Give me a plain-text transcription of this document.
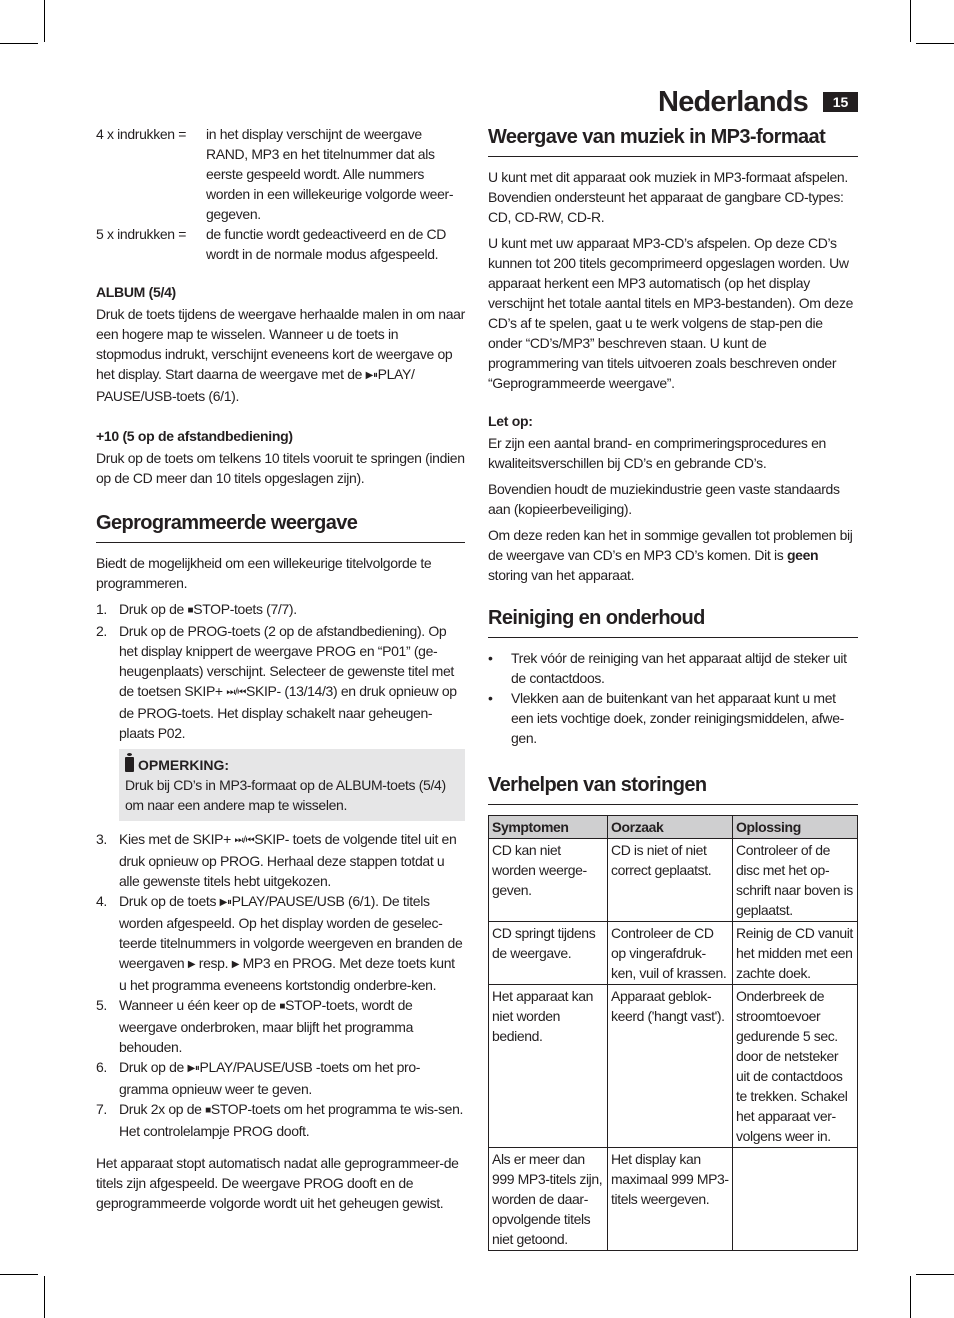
Nederlands	15
4 x indrukken =	in het display verschijnt de weergave RAND, MP3 en het titelnummer dat als eerste gespeeld wordt. Alle nummers worden in een willekeurige volgorde weer-gegeven.
5 x indrukken =	de functie wordt gedeactiveerd en de CD wordt in de normale modus afgespeeld.
ALBUM (5/4)

Druk de toets tijdens de weergave herhaalde malen in om naar een hogere map te wisselen. Wanneer u de toets in stopmodus indrukt, verschijnt eveneens kort de weergave op het display. Start daarna de weergave met de ▶⏸PLAY/ PAUSE/USB-toets (6/1).

+10 (5 op de afstandbediening)

Druk op de toets om telkens 10 titels vooruit te springen (indien op de CD meer dan 10 titels opgeslagen zijn).

Geprogrammeerde weergave

Biedt de mogelijkheid om een willekeurige titelvolgorde te programmeren.

1. Druk op de ■STOP-toets (7/7).
2. Druk op de PROG-toets (2 op de afstandbediening). Op het display knippert de weergave PROG en “P01” (ge-heugenplaats) verschijnt. Selecteer de gewenste titel met de toetsen SKIP+ ⏭/⏮SKIP- (13/14/3) en druk opnieuw op de PROG-toets. Het display schakelt naar geheugen-plaats P02.
OPMERKING:
Druk bij CD’s in MP3-formaat op de ALBUM-toets (5/4) om naar een andere map te wisselen.
3. Kies met de SKIP+ ⏭/⏮SKIP- toets de volgende titel uit en druk opnieuw op PROG. Herhaal deze stappen totdat u alle gewenste titels hebt uitgekozen.
4. Druk op de toets ▶⏸PLAY/PAUSE/USB (6/1). De titels worden afgespeeld. Op het display worden de geselec-teerde titelnummers in volgorde weergeven en branden de weergaven ▶ resp. ▶ MP3 en PROG. Met deze toets kunt u het programma eveneens kortstondig onderbre-ken.
5. Wanneer u één keer op de ■STOP-toets, wordt de weergave onderbroken, maar blijft het programma behouden.
6. Druk op de ▶⏸PLAY/PAUSE/USB -toets om het pro-gramma opnieuw weer te geven.
7. Druk 2x op de ■STOP-toets om het programma te wis-sen. Het controlelampje PROG dooft.

Het apparaat stopt automatisch nadat alle geprogrammeer-de titels zijn afgespeeld. De weergave PROG dooft en de geprogrammeerde volgorde wordt uit het geheugen gewist.

Weergave van muziek in MP3-formaat

U kunt met dit apparaat ook muziek in MP3-formaat afspelen. Bovendien ondersteunt het apparaat de gangbare CD-types: CD, CD-RW, CD-R.

U kunt met uw apparaat MP3-CD’s afspelen. Op deze CD’s kunnen tot 200 titels gecomprimeerd opgeslagen worden. Uw apparaat herkent een MP3 automatisch (op het display verschijnt het totale aantal titels en MP3-bestanden). Om deze CD’s af te spelen, gaat u te werk volgens de stap-pen die onder “CD’s/MP3” beschreven staan. U kunt de programmering van titels uitvoeren zoals beschreven onder “Geprogrammeerde weergave”.

Let op:

Er zijn een aantal brand- en comprimeringsprocedures en kwaliteitsverschillen bij CD’s en gebrande CD’s.

Bovendien houdt de muziekindustrie geen vaste standaards aan (kopieerbeveiliging).

Om deze reden kan het in sommige gevallen tot problemen bij de weergave van CD’s en MP3 CD’s komen. Dit is geen storing van het apparaat.

Reiniging en onderhoud
•	Trek vóór de reiniging van het apparaat altijd de steker uit de contactdoos.
•	Vlekken aan de buitenkant van het apparaat kunt u met een iets vochtige doek, zonder reinigingsmiddelen, afwe-gen.
Verhelpen van storingen
Symptomen	Oorzaak	Oplossing
CD kan niet worden weerge-geven.	CD is niet of niet correct geplaatst.	Controleer of de disc met het op-schrift naar boven is geplaatst.
CD springt tijdens de weergave.	Controleer de CD op vingerafdruk-ken, vuil of krassen.	Reinig de CD vanuit het midden met een zachte doek.
Het apparaat kan niet worden bediend.	Apparaat geblok-keerd ('hangt vast').	Onderbreek de stroomtoevoer gedurende 5 sec. door de netsteker uit de contactdoos te trekken. Schakel het apparaat ver-volgens weer in.
Als er meer dan 999 MP3-titels zijn, worden de daar-opvolgende titels niet getoond.	Het display kan maximaal 999 MP3-titels weergeven.	
